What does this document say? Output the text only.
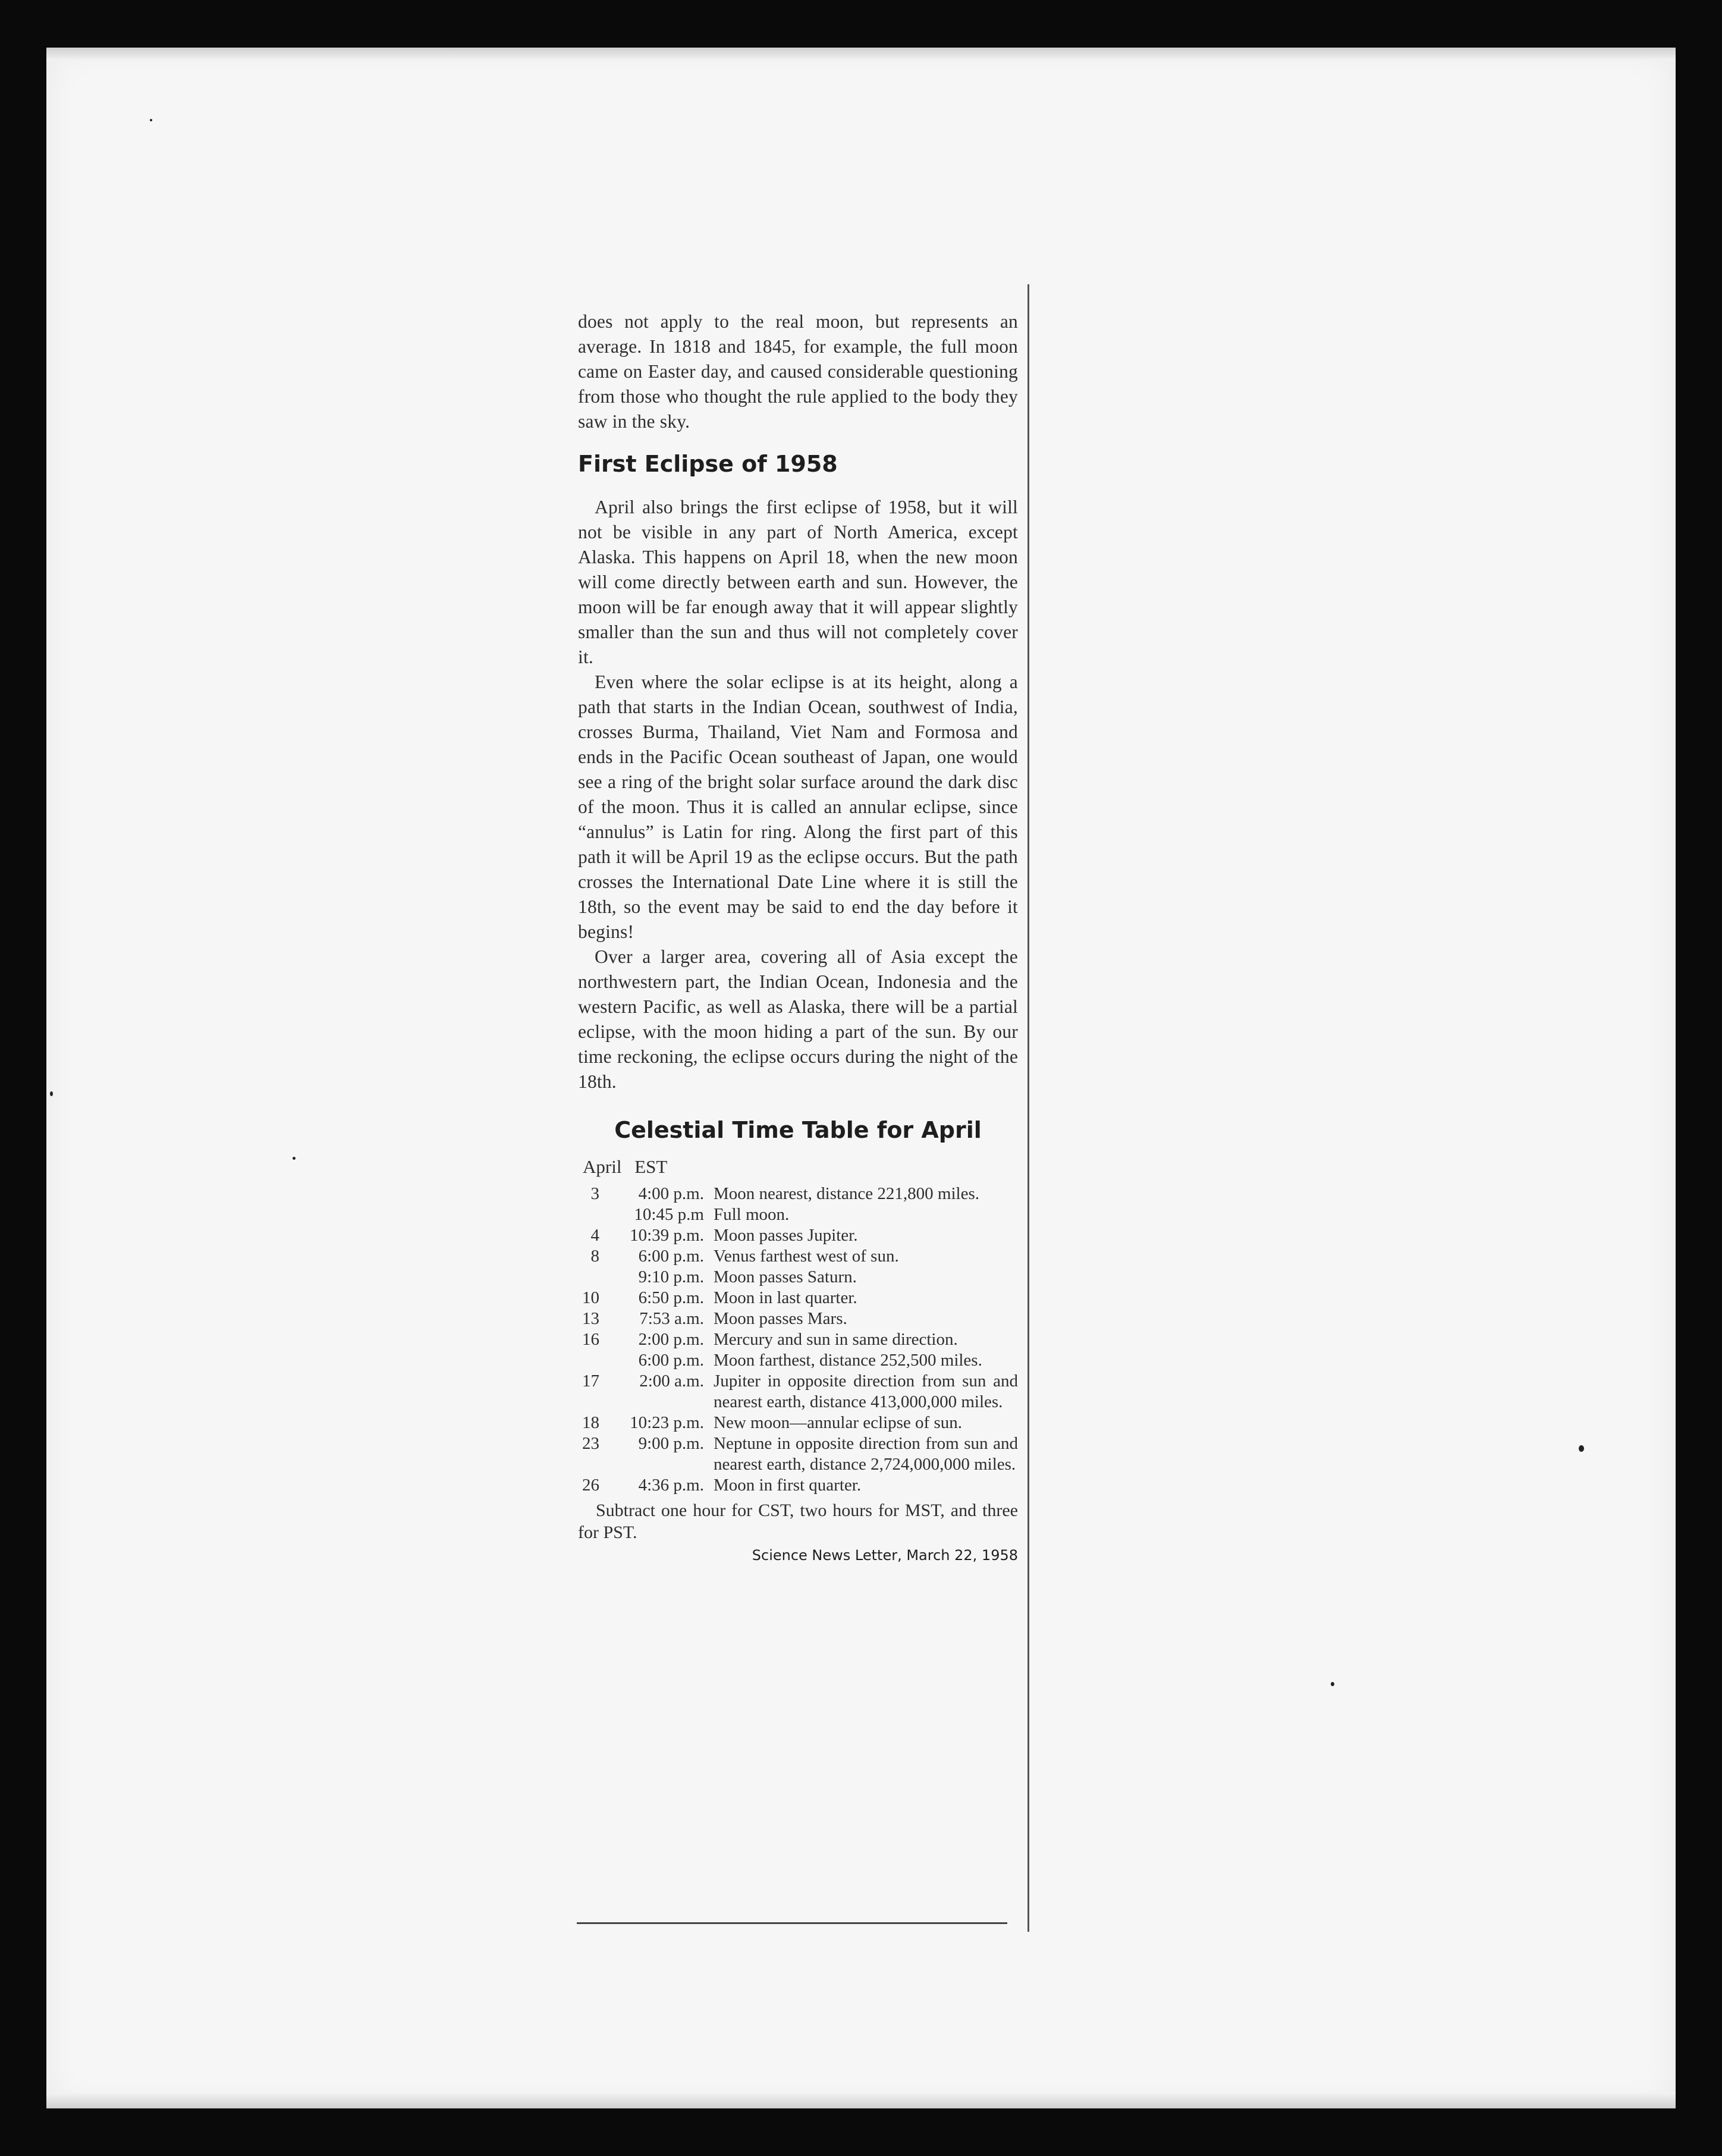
does not apply to the real moon, but represents an average. In 1818 and 1845, for example, the full moon came on Easter day, and caused considerable questioning from those who thought the rule applied to the body they saw in the sky.

First Eclipse of 1958

April also brings the first eclipse of 1958, but it will not be visible in any part of North America, except Alaska. This happens on April 18, when the new moon will come directly between earth and sun. However, the moon will be far enough away that it will appear slightly smaller than the sun and thus will not completely cover it.

Even where the solar eclipse is at its height, along a path that starts in the Indian Ocean, southwest of India, crosses Burma, Thailand, Viet Nam and Formosa and ends in the Pacific Ocean southeast of Japan, one would see a ring of the bright solar surface around the dark disc of the moon. Thus it is called an annular eclipse, since “annulus” is Latin for ring. Along the first part of this path it will be April 19 as the eclipse occurs. But the path crosses the International Date Line where it is still the 18th, so the event may be said to end the day before it begins!

Over a larger area, covering all of Asia except the northwestern part, the Indian Ocean, Indonesia and the western Pacific, as well as Alaska, there will be a partial eclipse, with the moon hiding a part of the sun. By our time reckoning, the eclipse occurs during the night of the 18th.

Celestial Time Table for April
April EST
3	4:00 p.m.	Moon nearest, distance 221,800 miles.
	10:45 p.m	Full moon.
4	10:39 p.m.	Moon passes Jupiter.
8	6:00 p.m.	Venus farthest west of sun.
	9:10 p.m.	Moon passes Saturn.
10	6:50 p.m.	Moon in last quarter.
13	7:53 a.m.	Moon passes Mars.
16	2:00 p.m.	Mercury and sun in same direction.
	6:00 p.m.	Moon farthest, distance 252,500 miles.
17	2:00 a.m.	Jupiter in opposite direction from sun and nearest earth, distance 413,000,000 miles.
18	10:23 p.m.	New moon—annular eclipse of sun.
23	9:00 p.m.	Neptune in opposite direction from sun and nearest earth, distance 2,724,000,000 miles.
26	4:36 p.m.	Moon in first quarter.

Subtract one hour for CST, two hours for MST, and three for PST.

Science News Letter, March 22, 1958
